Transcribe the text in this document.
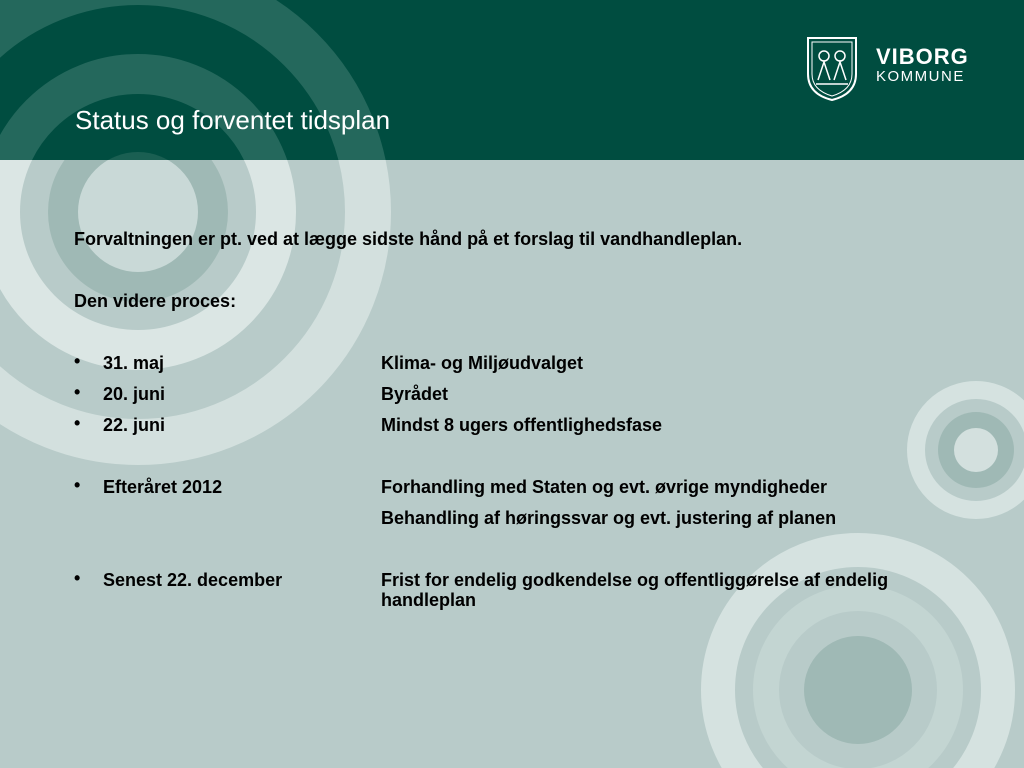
Status og forventet tidsplan
VIBORG
KOMMUNE
Forvaltningen er pt. ved at lægge sidste hånd på et forslag til vandhandleplan.
Den videre proces:
• 31. maj	Klima- og Miljøudvalget
• 20. juni	Byrådet
• 22. juni	Mindst 8 ugers offentlighedsfase
• Efteråret 2012	Forhandling med Staten og evt. øvrige myndigheder
Behandling af høringssvar og evt. justering af planen
• Senest 22. december	Frist for endelig godkendelse og offentliggørelse af endelig handleplan
